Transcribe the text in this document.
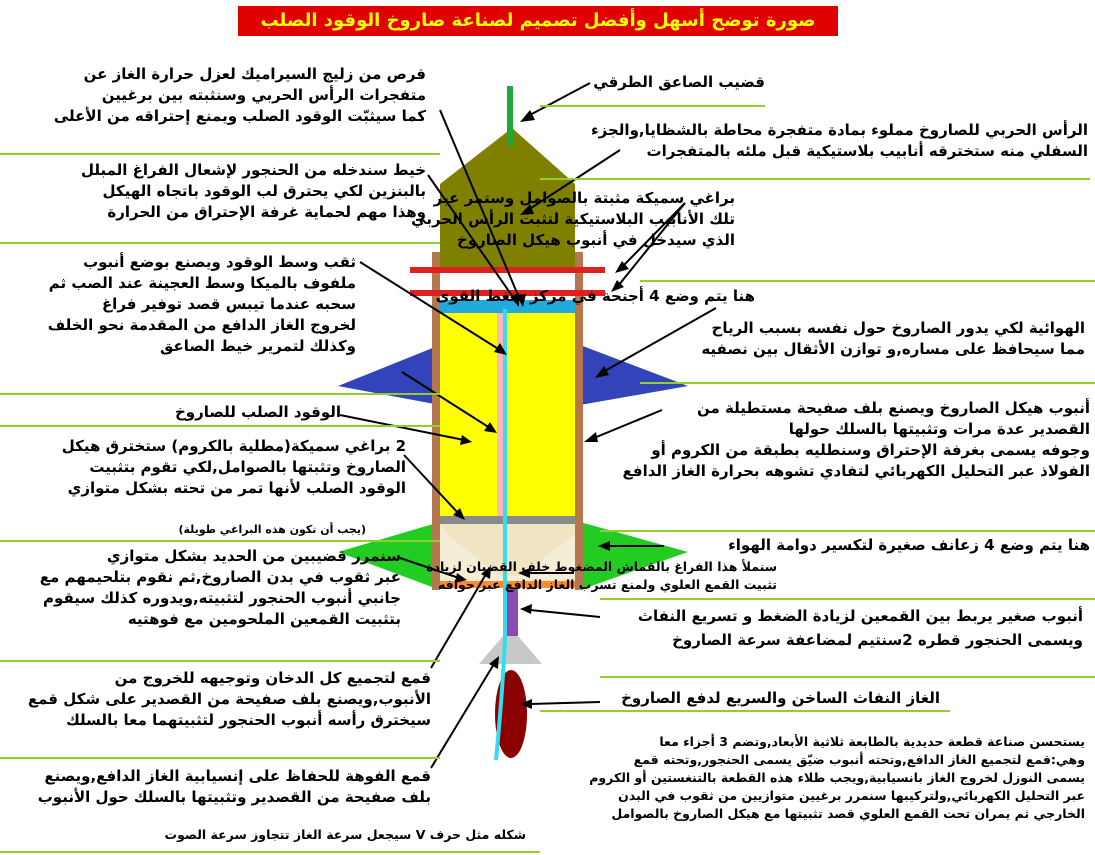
صورة توضح أسهل وأفضل تصميم لصناعة صاروخ الوقود الصلب
قضيب الصاعق الطرقي
الرأس الحربي للصاروخ مملوء بمادة متفجرة محاطة بالشظايا,والجزء
السفلي منه ستخترقه أنابيب بلاستيكية قبل ملئه بالمتفجرات
براغي سميكة مثبتة بالصوامل وستمر عبر
تلك الأنابيب البلاستيكية لتثبت الرأس الحربي
الذي سيدخل في أنبوب هيكل الصاروخ
هنا يتم وضع 4 أجنحة في مركز ضغط القوى
الهوائية لكي يدور الصاروخ حول نفسه بسبب الرياح
مما سيحافظ على مساره,و توازن الأثقال بين نصفيه
أنبوب هيكل الصاروخ ويصنع بلف صفيحة مستطيلة من
القصدير عدة مرات وتثبيتها بالسلك حولها
وجوفه يسمى بغرفة الإحتراق وسنطليه بطبقة من الكروم أو
الفولاذ عبر التحليل الكهربائي لتفادي تشوهه بحرارة الغاز الدافع
هنا يتم وضع 4 زعانف صغيرة لتكسير دوامة الهواء
سنملأ هذا الفراغ بالقماش المضغوط خلف القضبان لزيادة
تثبيت القمع العلوي ولمنع تسرب الغاز الدافع عبر حوافه
أنبوب صغير يربط بين القمعين لزيادة الضغط و تسريع النفاث
ويسمى الحنجور قطره 2سنتيم لمضاعفة سرعة الصاروخ
الغاز النفاث الساخن والسريع لدفع الصاروخ
يستحسن صناعة قطعة حديدية بالطابعة ثلاثية الأبعاد,وتضم 3 أجزاء معا
وهي:قمع لتجميع الغاز الدافع,وتحته أنبوب ضيّق يسمى الحنجور,وتحته قمع
يسمى النوزل لخروج الغاز بانسيابية,ويجب طلاء هذه القطعة بالتنغستين أو الكروم
عبر التحليل الكهربائي,ولتركيبها سنمرر برغيين متوازيين من ثقوب في البدن
الخارجي ثم يمران تحت القمع العلوي قصد تثبيتها مع هيكل الصاروخ بالصوامل
قرص من زليج السيراميك لعزل حرارة الغاز عن
متفجرات الرأس الحربي وسنثبته بين برغيين
كما سيثبّت الوقود الصلب ويمنع إحتراقه من الأعلى
خيط سندخله من الحنجور لإشعال الفراغ المبلل
بالبنزين لكي يحترق لب الوقود باتجاه الهيكل
وهذا مهم لحماية غرفة الإحتراق من الحرارة
ثقب وسط الوقود ويصنع بوضع أنبوب
ملفوف بالميكا وسط العجينة عند الصب ثم
سحبه عندما تيبس قصد توفير فراغ
لخروج الغاز الدافع من المقدمة نحو الخلف
وكذلك لتمرير خيط الصاعق
الوقود الصلب للصاروخ
2 براغي سميكة(مطلية بالكروم) ستخترق هيكل
الصاروخ وتثبتها بالصوامل,لكي تقوم بتثبيت
الوقود الصلب لأنها تمر من تحته بشكل متوازي
(يجب أن تكون هذه البراغي طويلة)
سنمرر قضيبين من الحديد بشكل متوازي
عبر ثقوب في بدن الصاروخ,ثم نقوم بتلحيمهم مع
جانبي أنبوب الحنجور لتثبيته,ويدوره كذلك سيقوم
بتثبيت القمعين الملحومين مع فوهتيه
قمع لتجميع كل الدخان وتوجيهه للخروج من
الأنبوب,ويصنع بلف صفيحة من القصدير على شكل قمع
سيخترق رأسه أنبوب الحنجور لتثبيتهما معا بالسلك
قمع الفوهة للحفاظ على إنسيابية الغاز الدافع,ويصنع
بلف صفيحة من القصدير وتثبيتها بالسلك حول الأنبوب
شكله مثل حرف V سيجعل سرعة الغاز تتجاوز سرعة الصوت
